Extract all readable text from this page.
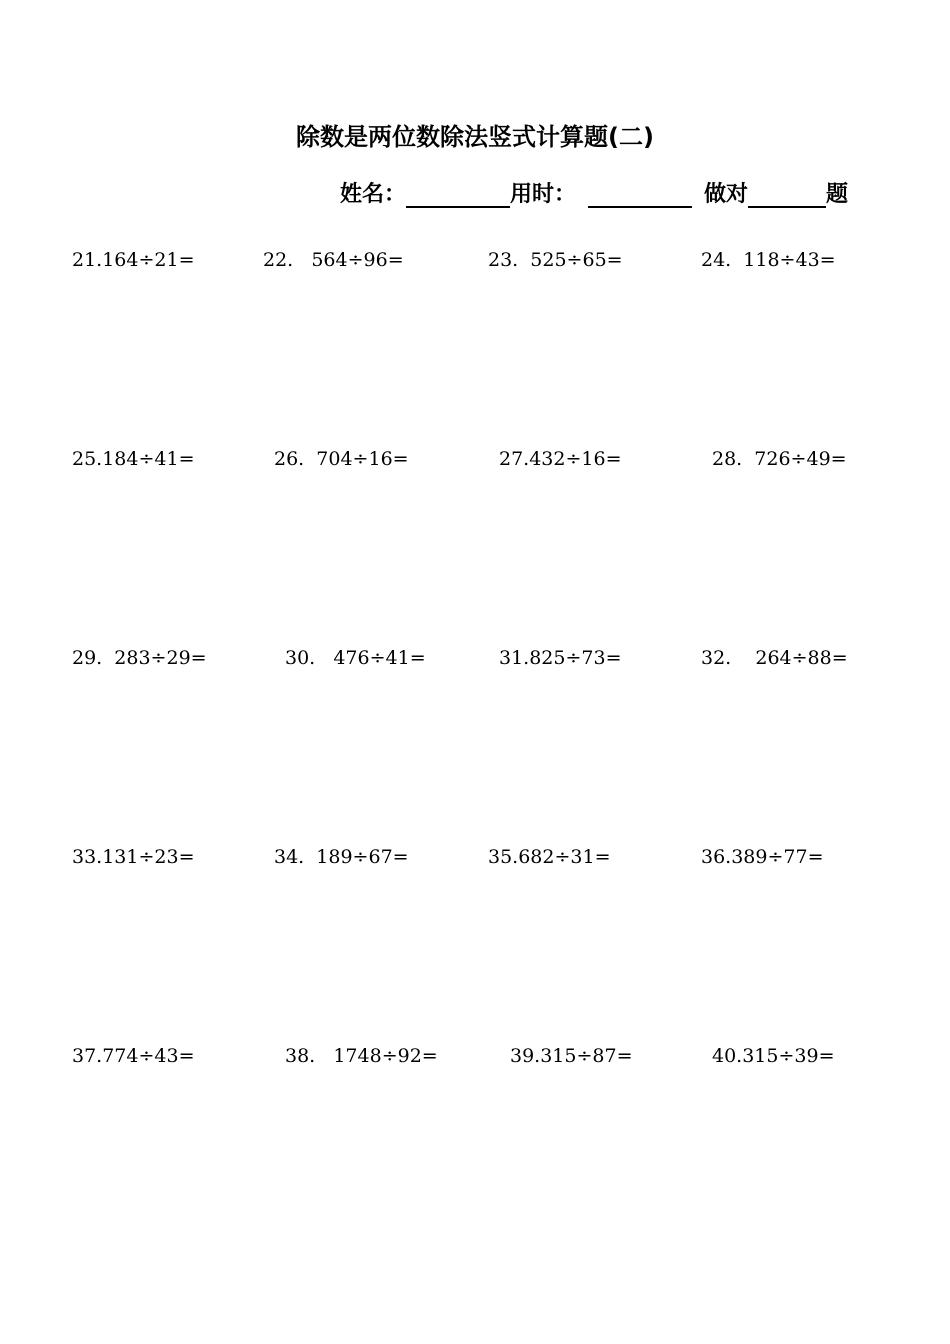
除数是两位数除法竖式计算题(二)
姓名：	用时：	做对	题
21.164÷21=	22.   564÷96=	23.  525÷65=	24.  118÷43=
25.184÷41=	26.  704÷16=	27.432÷16=	28.  726÷49=
29.  283÷29=	30.   476÷41=	31.825÷73=	32.    264÷88=
33.131÷23=	34.  189÷67=	35.682÷31=	36.389÷77=
37.774÷43=	38.   1748÷92=	39.315÷87=	40.315÷39=
